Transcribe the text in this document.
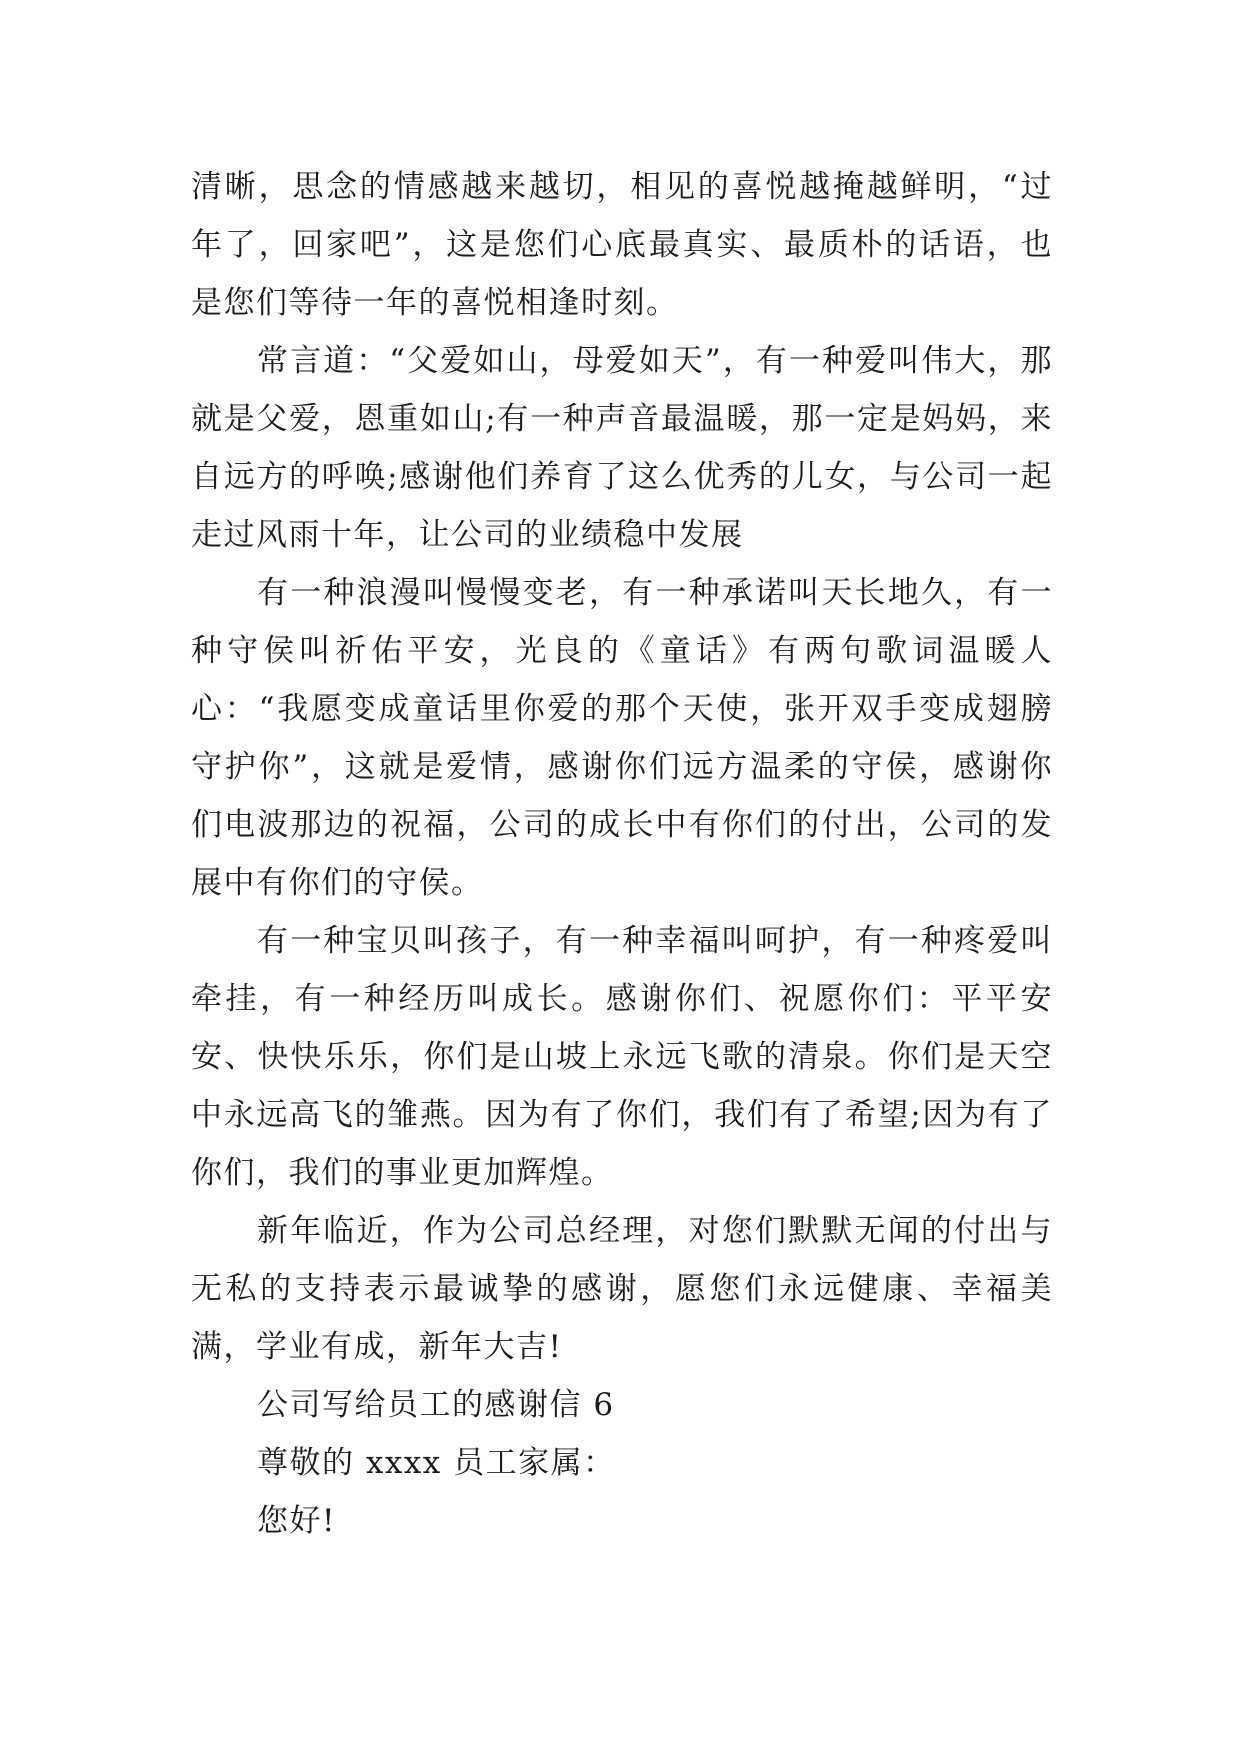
清晰，思念的情感越来越切，相见的喜悦越掩越鲜明，“过年了，回家吧”，这是您们心底最真实、最质朴的话语，也是您们等待一年的喜悦相逢时刻。

常言道：“父爱如山，母爱如天”，有一种爱叫伟大，那就是父爱，恩重如山;有一种声音最温暖，那一定是妈妈，来自远方的呼唤;感谢他们养育了这么优秀的儿女，与公司一起走过风雨十年，让公司的业绩稳中发展

有一种浪漫叫慢慢变老，有一种承诺叫天长地久，有一种守侯叫祈佑平安，光良的《童话》有两句歌词温暖人心：“我愿变成童话里你爱的那个天使，张开双手变成翅膀守护你”，这就是爱情，感谢你们远方温柔的守侯，感谢你们电波那边的祝福，公司的成长中有你们的付出，公司的发展中有你们的守侯。

有一种宝贝叫孩子，有一种幸福叫呵护，有一种疼爱叫牵挂，有一种经历叫成长。感谢你们、祝愿你们：平平安安、快快乐乐，你们是山坡上永远飞歌的清泉。你们是天空中永远高飞的雏燕。因为有了你们，我们有了希望;因为有了你们，我们的事业更加辉煌。

新年临近，作为公司总经理，对您们默默无闻的付出与无私的支持表示最诚挚的感谢，愿您们永远健康、幸福美满，学业有成，新年大吉!

公司写给员工的感谢信 6

尊敬的 xxxx 员工家属：

您好!
